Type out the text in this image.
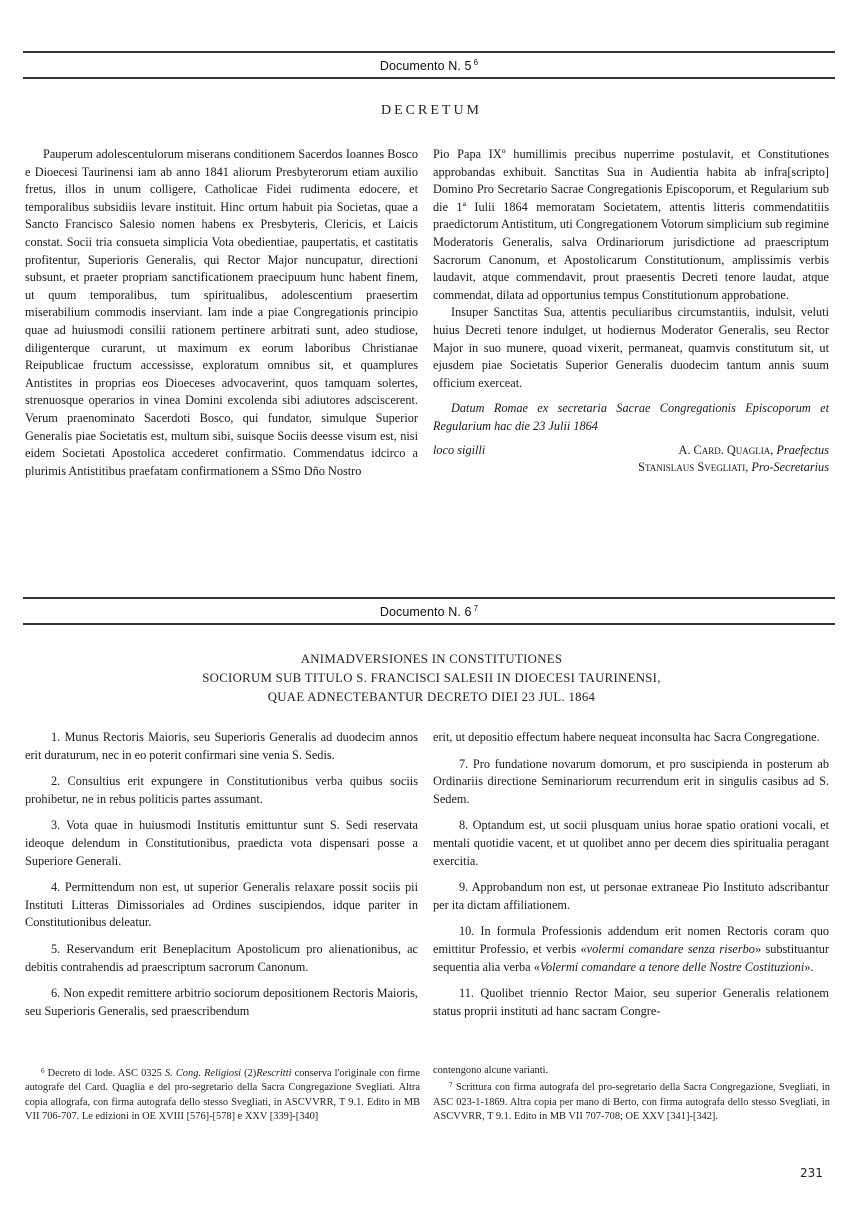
Documento N. 5 $^6$
DECRETUM

Pauperum adolescentulorum miserans conditionem Sacerdos Ioannes Bosco e Dioecesi Taurinensi iam ab anno 1841 aliorum Presbyterorum etiam auxilio fretus, illos in unum colligere, Catholicae Fidei rudimenta edocere, et temporalibus subsidiis levare instituit. Hinc ortum habuit pia Societas, quae a Sancto Francisco Salesio nomen habens ex Presbyteris, Clericis, et Laicis constat. Socii tria consueta simplicia Vota obedientiae, paupertatis, et castitatis profitentur, Superioris Generalis, qui Rector Major nuncupatur, directioni subsunt, et praeter propriam sanctificationem praecipuum hunc habent finem, ut quum temporalibus, tum spiritualibus, adolescentium praesertim miserabilium commodis inserviant. Iam inde a piae Congregationis principio quae ad huiusmodi consilii rationem pertinere arbitrati sunt, adeo studiose, diligenterque curarunt, ut maximum ex eorum laboribus Christianae Reipublicae fructum accessisse, exploratum omnibus sit, et quamplures Antistites in proprias eos Dioeceses advocaverint, quos tamquam solertes, strenuosque operarios in vinea Domini excolenda sibi adiutores adsciscerent. Verum praenominato Sacerdoti Bosco, qui fundator, simulque Superior Generalis piae Societatis est, multum sibi, suisque Sociis deesse visum est, nisi eidem Societati Apostolica accederet confirmatio. Commendatus idcirco a plurimis Antistitibus praefatam confirmationem a SSmo Dño Nostro

Pio Papa IXº humillimis precibus nuperrime postulavit, et Constitutiones approbandas exhibuit. Sanctitas Sua in Audientia habita ab infra[scripto] Domino Pro Secretario Sacrae Congregationis Episcoporum, et Regularium sub die 1ª Iulii 1864 memoratam Societatem, attentis litteris commendatitiis praedictorum Antistitum, uti Congregationem Votorum simplicium sub regimine Moderatoris Generalis, salva Ordinariorum jurisdictione ad praescriptum Sacrorum Canonum, et Apostolicarum Constitutionum, amplissimis verbis laudavit, atque commendavit, prout praesentis Decreti tenore laudat, atque commendat, dilata ad opportunius tempus Constitutionum approbatione.

Insuper Sanctitas Sua, attentis peculiaribus circumstantiis, indulsit, veluti huius Decreti tenore indulget, ut hodiernus Moderator Generalis, seu Rector Major in suo munere, quoad vixerit, permaneat, quamvis constitutum sit, ut ejusdem piae Societatis Superior Generalis duodecim tantum annis suum officium exerceat.

Datum Romae ex secretaria Sacrae Congregationis Episcoporum et Regularium hac die 23 Julii 1864

loco sigilli	A. Card. Quaglia, Praefectus
Stanislaus Svegliati, Pro-Secretarius
Documento N. 6 $^7$
ANIMADVERSIONES IN CONSTITUTIONES
SOCIORUM SUB TITULO S. FRANCISCI SALESII IN DIOECESI TAURINENSI,
QUAE ADNECTEBANTUR DECRETO DIEI 23 JUL. 1864

1. Munus Rectoris Maioris, seu Superioris Generalis ad duodecim annos erit duraturum, nec in eo poterit confirmari sine venia S. Sedis.

2. Consultius erit expungere in Constitutionibus verba quibus sociis prohibetur, ne in rebus politicis partes assumant.

3. Vota quae in huiusmodi Institutis emittuntur sunt S. Sedi reservata ideoque delendum in Constitutionibus, praedicta vota dispensari posse a Superiore Generali.

4. Permittendum non est, ut superior Generalis relaxare possit sociis pii Instituti Litteras Dimissoriales ad Ordines suscipiendos, idque pariter in Constitutionibus deleatur.

5. Reservandum erit Beneplacitum Apostolicum pro alienationibus, ac debitis contrahendis ad praescriptum sacrorum Canonum.

6. Non expedit remittere arbitrio sociorum depositionem Rectoris Maioris, seu Superioris Generalis, sed praescribendum

erit, ut depositio effectum habere nequeat inconsulta hac Sacra Congregatione.

7. Pro fundatione novarum domorum, et pro suscipienda in posterum ab Ordinariis directione Seminariorum recurrendum erit in singulis casibus ad S. Sedem.

8. Optandum est, ut socii plusquam unius horae spatio orationi vocali, et mentali quotidie vacent, et ut quolibet anno per decem dies spiritualia peragant exercitia.

9. Approbandum non est, ut personae extraneae Pio Instituto adscribantur per ita dictam affiliationem.

10. In formula Professionis addendum erit nomen Rectoris coram quo emittitur Professio, et verbis «volermi comandare senza riserbo» substituantur sequentia alia verba «Volermi comandare a tenore delle Nostre Costituzioni».

11. Quolibet triennio Rector Maior, seu superior Generalis relationem status proprii instituti ad hanc sacram Congre-

$^6$ Decreto di lode. ASC 0325 S. Cong. Religiosi (2)Rescritti conserva l'originale con firme autografe del Card. Quaglia e del pro-segretario della Sacra Congregazione Svegliati. Altra copia allografa, con firma autografa dello stesso Svegliati, in ASCVVRR, T 9.1. Edito in MB VII 706-707. Le edizioni in OE XVIII [576]-[578] e XXV [339]-[340]

contengono alcune varianti.

$^7$ Scrittura con firma autografa del pro-segretario della Sacra Congregazione, Svegliati, in ASC 023-1-1869. Altra copia per mano di Berto, con firma autografa dello stesso Svegliati, in ASCVVRR, T 9.1. Edito in MB VII 707-708; OE XXV [341]-[342].

231
